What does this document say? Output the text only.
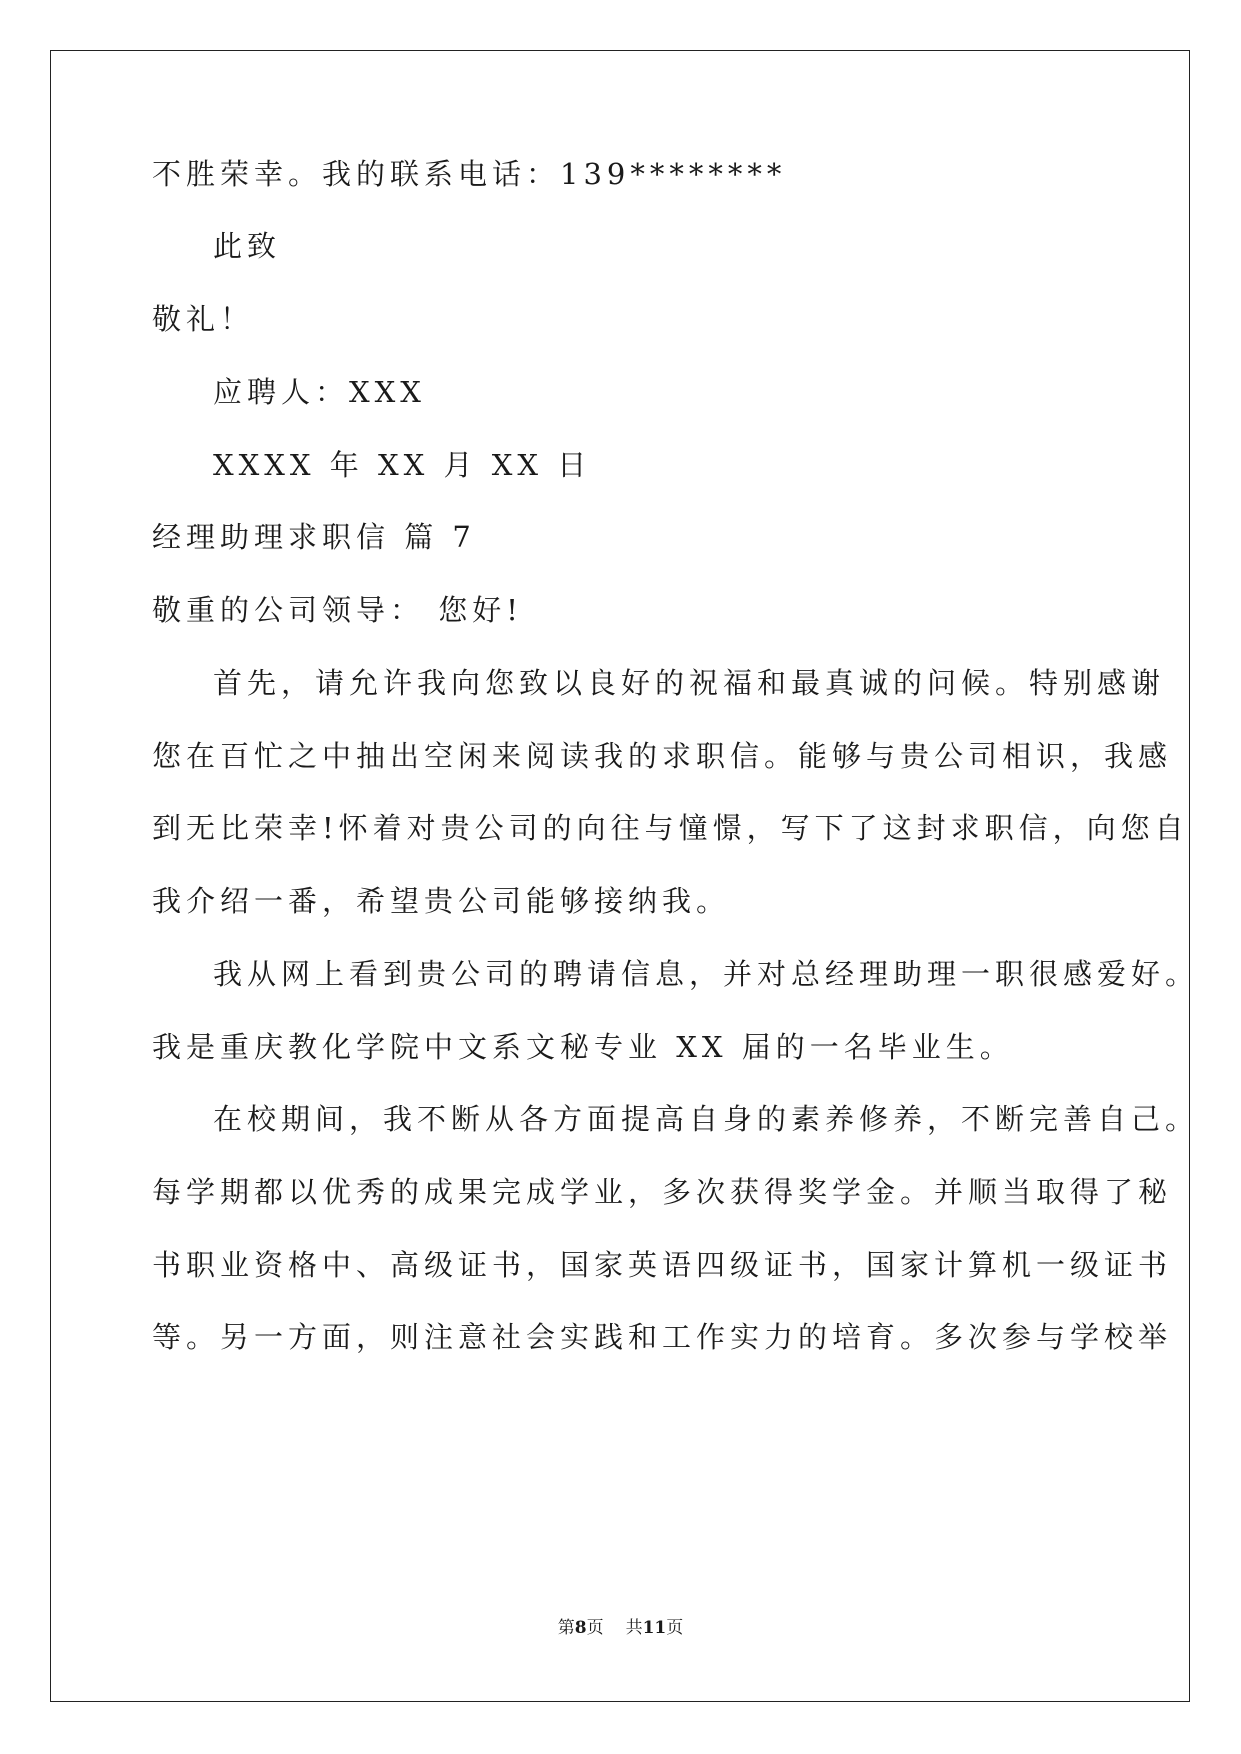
不胜荣幸。我的联系电话：139********
此致
敬礼！
应聘人：XXX
XXXX 年 XX 月 XX 日
经理助理求职信 篇 7
敬重的公司领导： 您好!
首先，请允许我向您致以良好的祝福和最真诚的问候。特别感谢
您在百忙之中抽出空闲来阅读我的求职信。能够与贵公司相识，我感
到无比荣幸!怀着对贵公司的向往与憧憬，写下了这封求职信，向您自
我介绍一番，希望贵公司能够接纳我。
我从网上看到贵公司的聘请信息，并对总经理助理一职很感爱好。
我是重庆教化学院中文系文秘专业 XX 届的一名毕业生。
在校期间，我不断从各方面提高自身的素养修养，不断完善自己。
每学期都以优秀的成果完成学业，多次获得奖学金。并顺当取得了秘
书职业资格中、高级证书，国家英语四级证书，国家计算机一级证书
等。另一方面，则注意社会实践和工作实力的培育。多次参与学校举
第8页 共11页
